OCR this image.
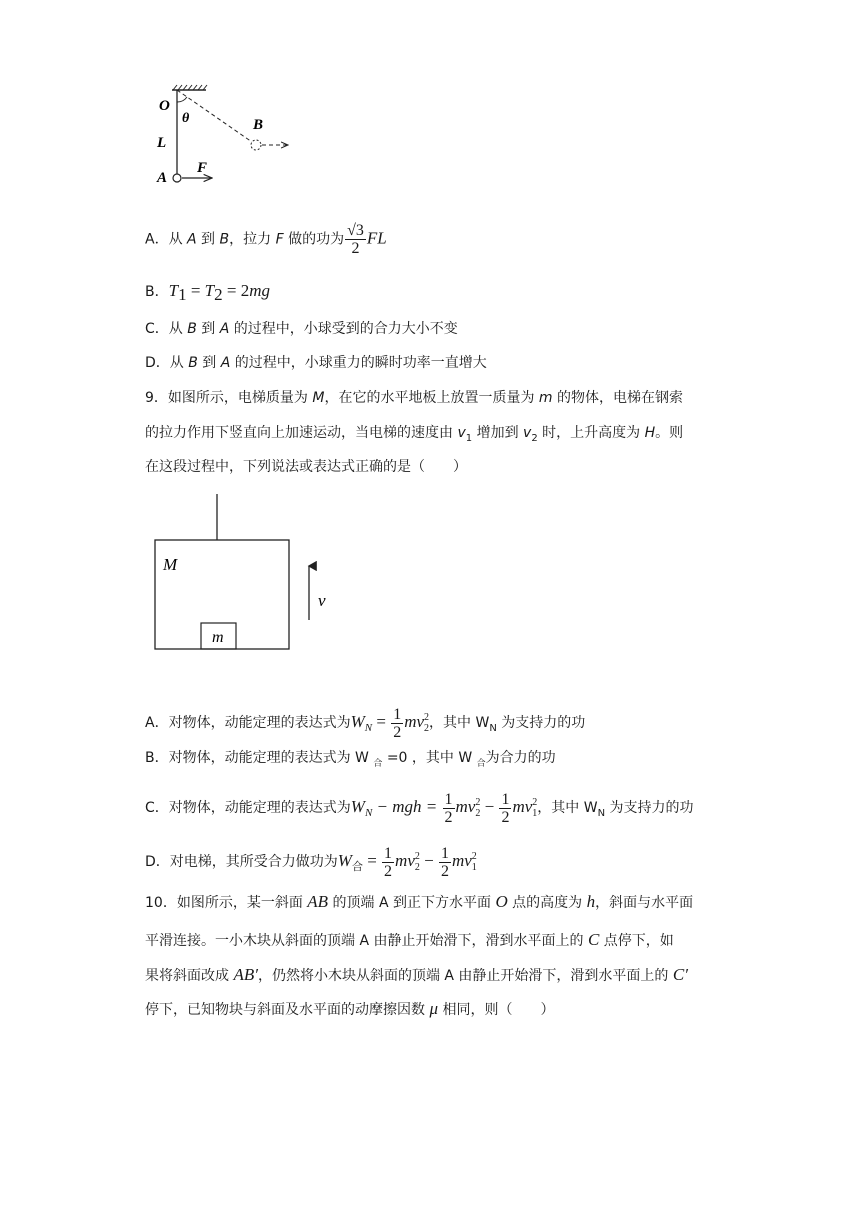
O
θ
L
A
F
B
A．从 A 到 B，拉力 F 做的功为 $\frac{√3}{2}$ FL
B．$T_1 = T_2 = 2mg$
C．从 B 到 A 的过程中，小球受到的合力大小不变
D．从 B 到 A 的过程中，小球重力的瞬时功率一直增大
9．如图所示，电梯质量为 M，在它的水平地板上放置一质量为 m 的物体，电梯在钢索
的拉力作用下竖直向上加速运动，当电梯的速度由 $v_1$ 增加到 $v_2$ 时，上升高度为 H。则
在这段过程中，下列说法或表达式正确的是（　　）
M
m
v
A．对物体，动能定理的表达式为$W_N = \frac{1}{2}$ mv 2
2 ，其中 $W_N$ 为支持力的功
B．对物体，动能定理的表达式为 W $_合$ =0 ，其中 W $_合$为合力的功
C．对物体，动能定理的表达式为$W_N$ − mgh = $\frac{1}{2}$ mv 2
$2 - \frac{1}{2}$ mv 2
1 ，其中 $W_N$ 为支持力的功
D．对电梯，其所受合力做功为$W_合 = \frac{1}{2}$ mv 2
$2 - \frac{1}{2}$ mv 2
1
10．如图所示，某一斜面 AB 的顶端 A 到正下方水平面 O 点的高度为 h，斜面与水平面
平滑连接。一小木块从斜面的顶端 A 由静止开始滑下，滑到水平面上的 C 点停下，如
果将斜面改成 AB′，仍然将小木块从斜面的顶端 A 由静止开始滑下，滑到水平面上的 C′
停下，已知物块与斜面及水平面的动摩擦因数 μ 相同，则（　　）
